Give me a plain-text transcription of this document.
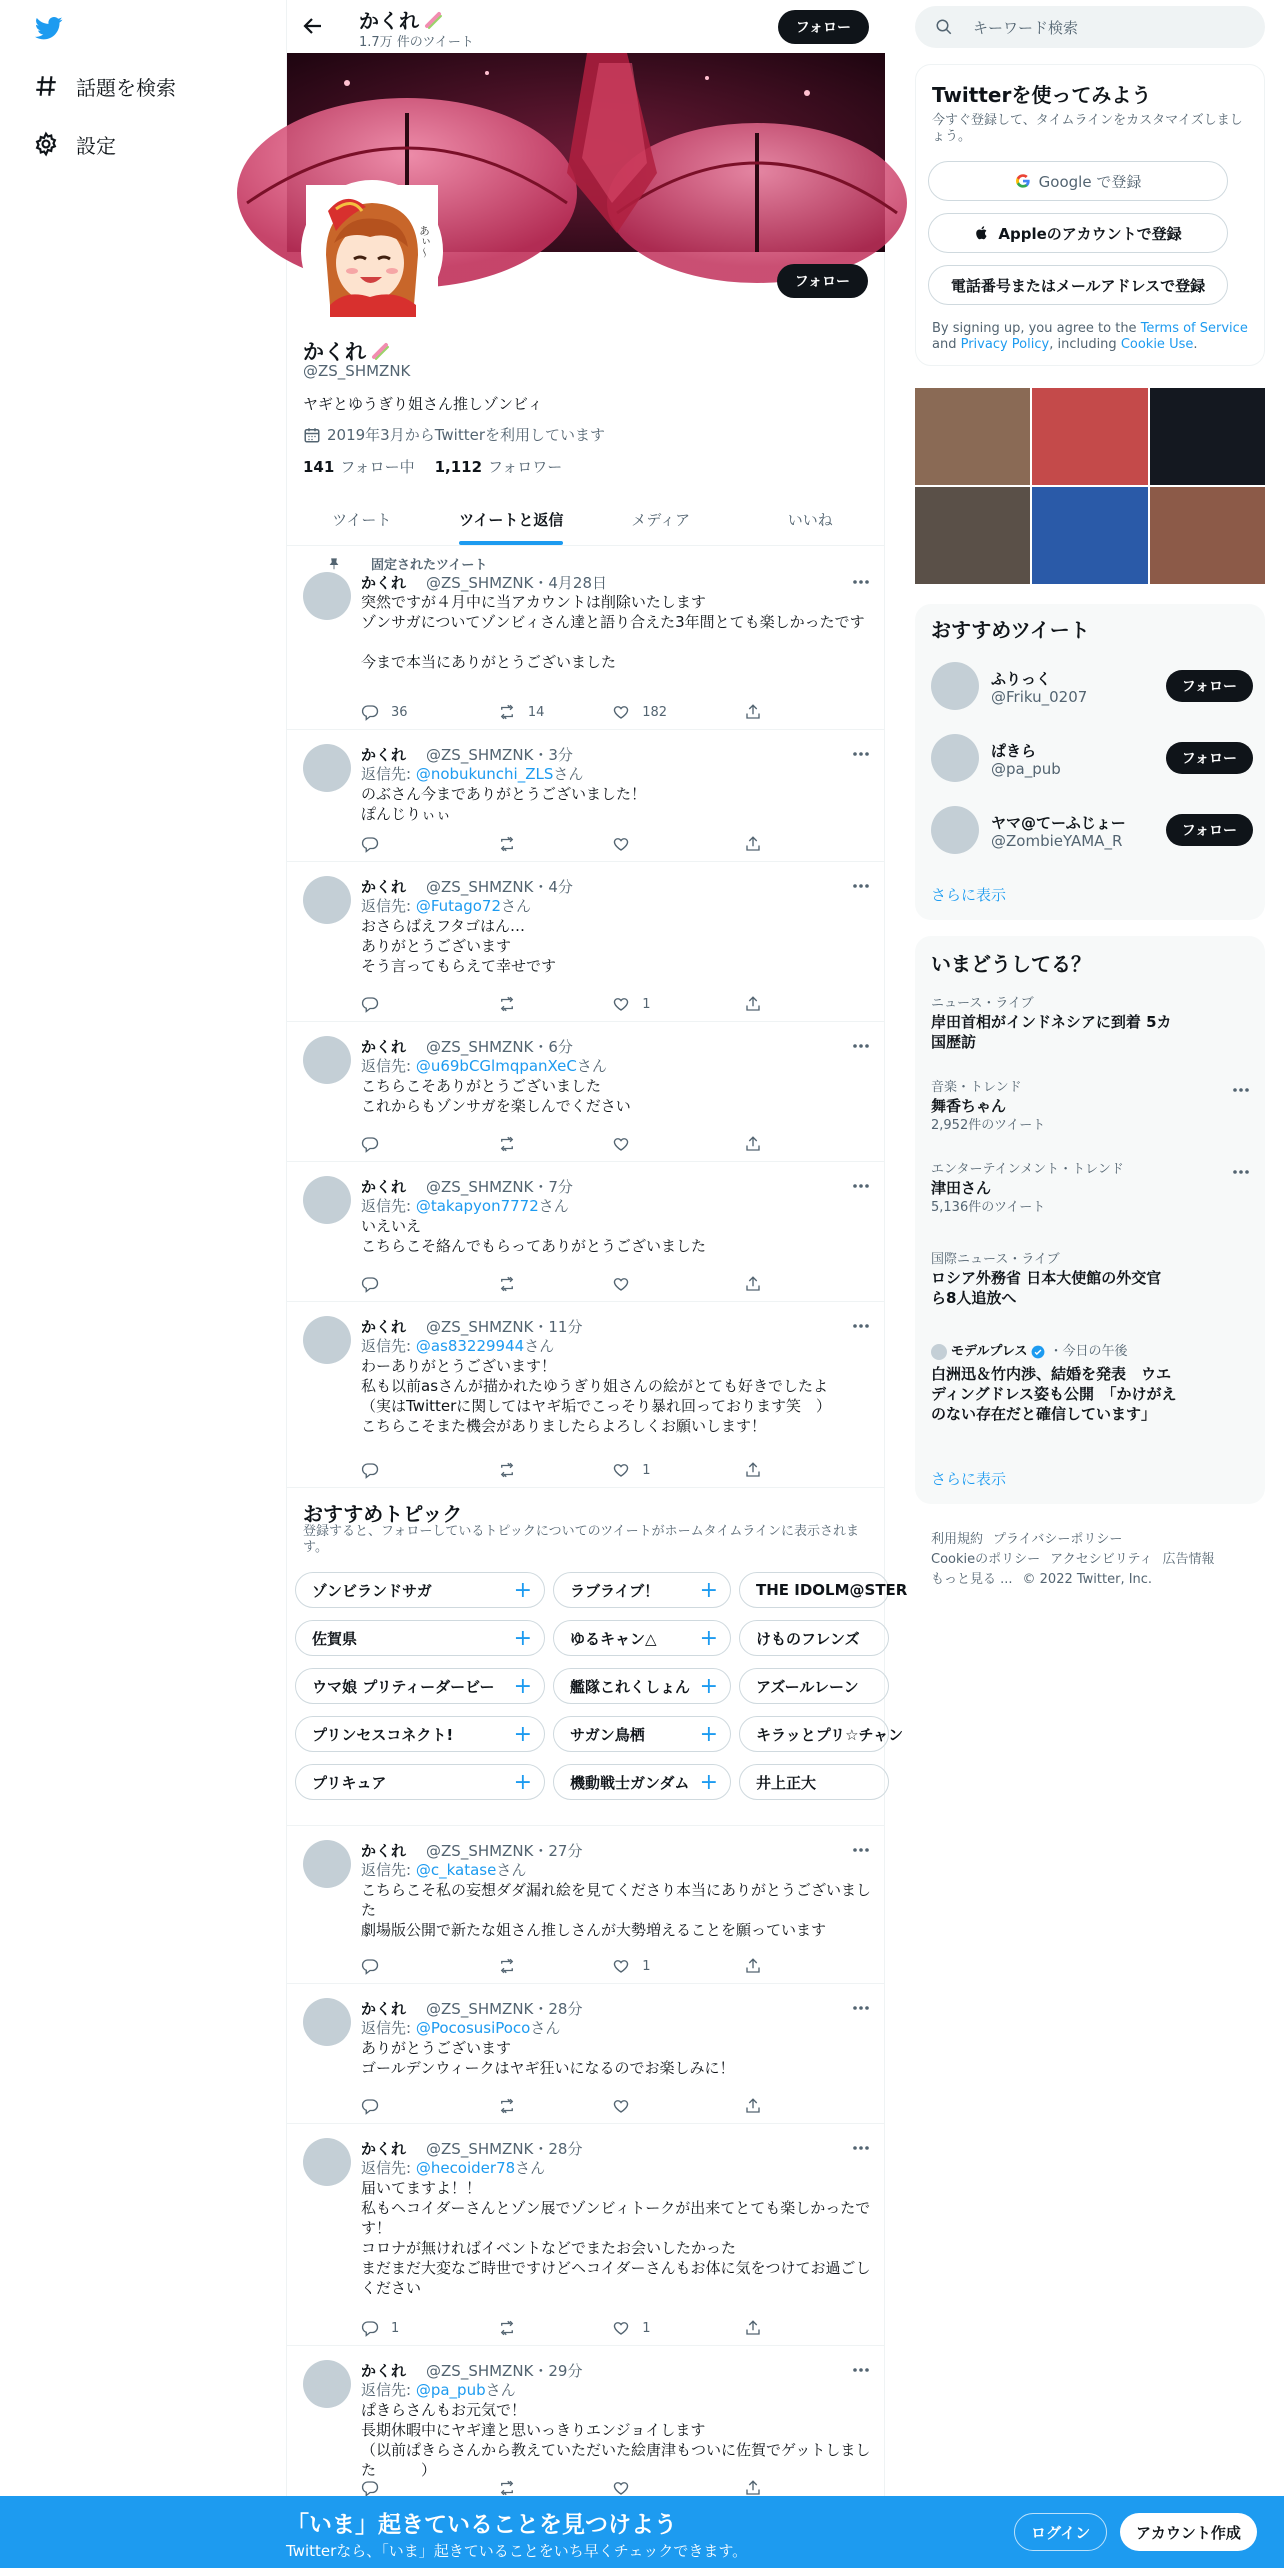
話題を検索
設定
かくれ
1.7万 件のツイート
フォロー
あぃ〜
フォロー
かくれ
@ZS_SHMZNK
ヤギとゆうぎり姐さん推しゾンビィ
2019年3月からTwitterを利用しています
141 フォロー中 1,112 フォロワー
ツイート	ツイートと返信	メディア	いいね
固定されたツイート
かくれ @ZS_SHMZNK・4月28日
突然ですが４月中に当アカウントは削除いたします
ゾンサガについてゾンビィさん達と語り合えた3年間とても楽しかったです

今まで本当にありがとうございました
36	14	182
かくれ @ZS_SHMZNK・3分
返信先: @nobukunchi_ZLSさん
のぶさん今までありがとうございました！
ぽんじりぃぃ
かくれ @ZS_SHMZNK・4分
返信先: @Futago72さん
おさらばえフタゴはん…
ありがとうございます
そう言ってもらえて幸せです
1
かくれ @ZS_SHMZNK・6分
返信先: @u69bCGlmqpanXeCさん
こちらこそありがとうございました
これからもゾンサガを楽しんでください
かくれ @ZS_SHMZNK・7分
返信先: @takapyon7772さん
いえいえ
こちらこそ絡んでもらってありがとうございました
かくれ @ZS_SHMZNK・11分
返信先: @as83229944さん
わーありがとうございます！
私も以前asさんが描かれたゆうぎり姐さんの絵がとても好きでしたよ
（実はTwitterに関してはヤギ垢でこっそり暴れ回っております笑　）
こちらこそまた機会がありましたらよろしくお願いします！
1
かくれ @ZS_SHMZNK・27分
返信先: @c_kataseさん
こちらこそ私の妄想ダダ漏れ絵を見てくださり本当にありがとうございました
劇場版公開で新たな姐さん推しさんが大勢増えることを願っています
1
かくれ @ZS_SHMZNK・28分
返信先: @PocosusiPocoさん
ありがとうございます
ゴールデンウィークはヤギ狂いになるのでお楽しみに！
かくれ @ZS_SHMZNK・28分
返信先: @hecoider78さん
届いてますよ！！
私もヘコイダーさんとゾン展でゾンビィトークが出来てとても楽しかったです！
コロナが無ければイベントなどでまたお会いしたかった
まだまだ大変なご時世ですけどヘコイダーさんもお体に気をつけてお過ごしください
1	1
かくれ @ZS_SHMZNK・29分
返信先: @pa_pubさん
ぱきらさんもお元気で！
長期休暇中にヤギ達と思いっきりエンジョイします
（以前ぱきらさんから教えていただいた絵唐津もついに佐賀でゲットしました　　　）
おすすめトピック
登録すると、フォローしているトピックについてのツイートがホームタイムラインに表示されます。
ゾンビランドサガ	+	ラブライブ！ +	THE IDOLM@STER
佐賀県	+	ゆるキャン△ +	けものフレンズ
ウマ娘 プリティーダービー +	艦隊これくしょん +	アズールレーン
プリンセスコネクト!	+	サガン鳥栖 +	キラッとプリ☆チャン
プリキュア	+	機動戦士ガンダム +	井上正大
キーワード検索
Twitterを使ってみよう
今すぐ登録して、タイムラインをカスタマイズしましょう。
Google で登録
Appleのアカウントで登録
電話番号またはメールアドレスで登録
By signing up, you agree to the Terms of Service and Privacy Policy, including Cookie Use.
おすすめツイート
ふりっく
@Friku_0207
フォロー
ぱきら
@pa_pub
フォロー
ヤマ@てーふじょー
@ZombieYAMA_R
フォロー
さらに表示
いまどうしてる？
ニュース・ライブ
岸田首相がインドネシアに到着 5カ国歴訪
音楽・トレンド
舞香ちゃん
2,952件のツイート
エンターテインメント・トレンド
津田さん
5,136件のツイート
国際ニュース・ライブ
ロシア外務省 日本大使館の外交官ら8人追放へ
モデルプレス ・今日の午後
白洲迅＆竹内渉、結婚を発表　ウエディングドレス姿も公開　「かけがえのない存在だと確信しています」
さらに表示
利用規約 プライバシーポリシー
Cookieのポリシー アクセシビリティ 広告情報
もっと見る ... © 2022 Twitter, Inc.
「いま」起きていることを見つけよう
Twitterなら、「いま」起きていることをいち早くチェックできます。
ログイン	アカウント作成
